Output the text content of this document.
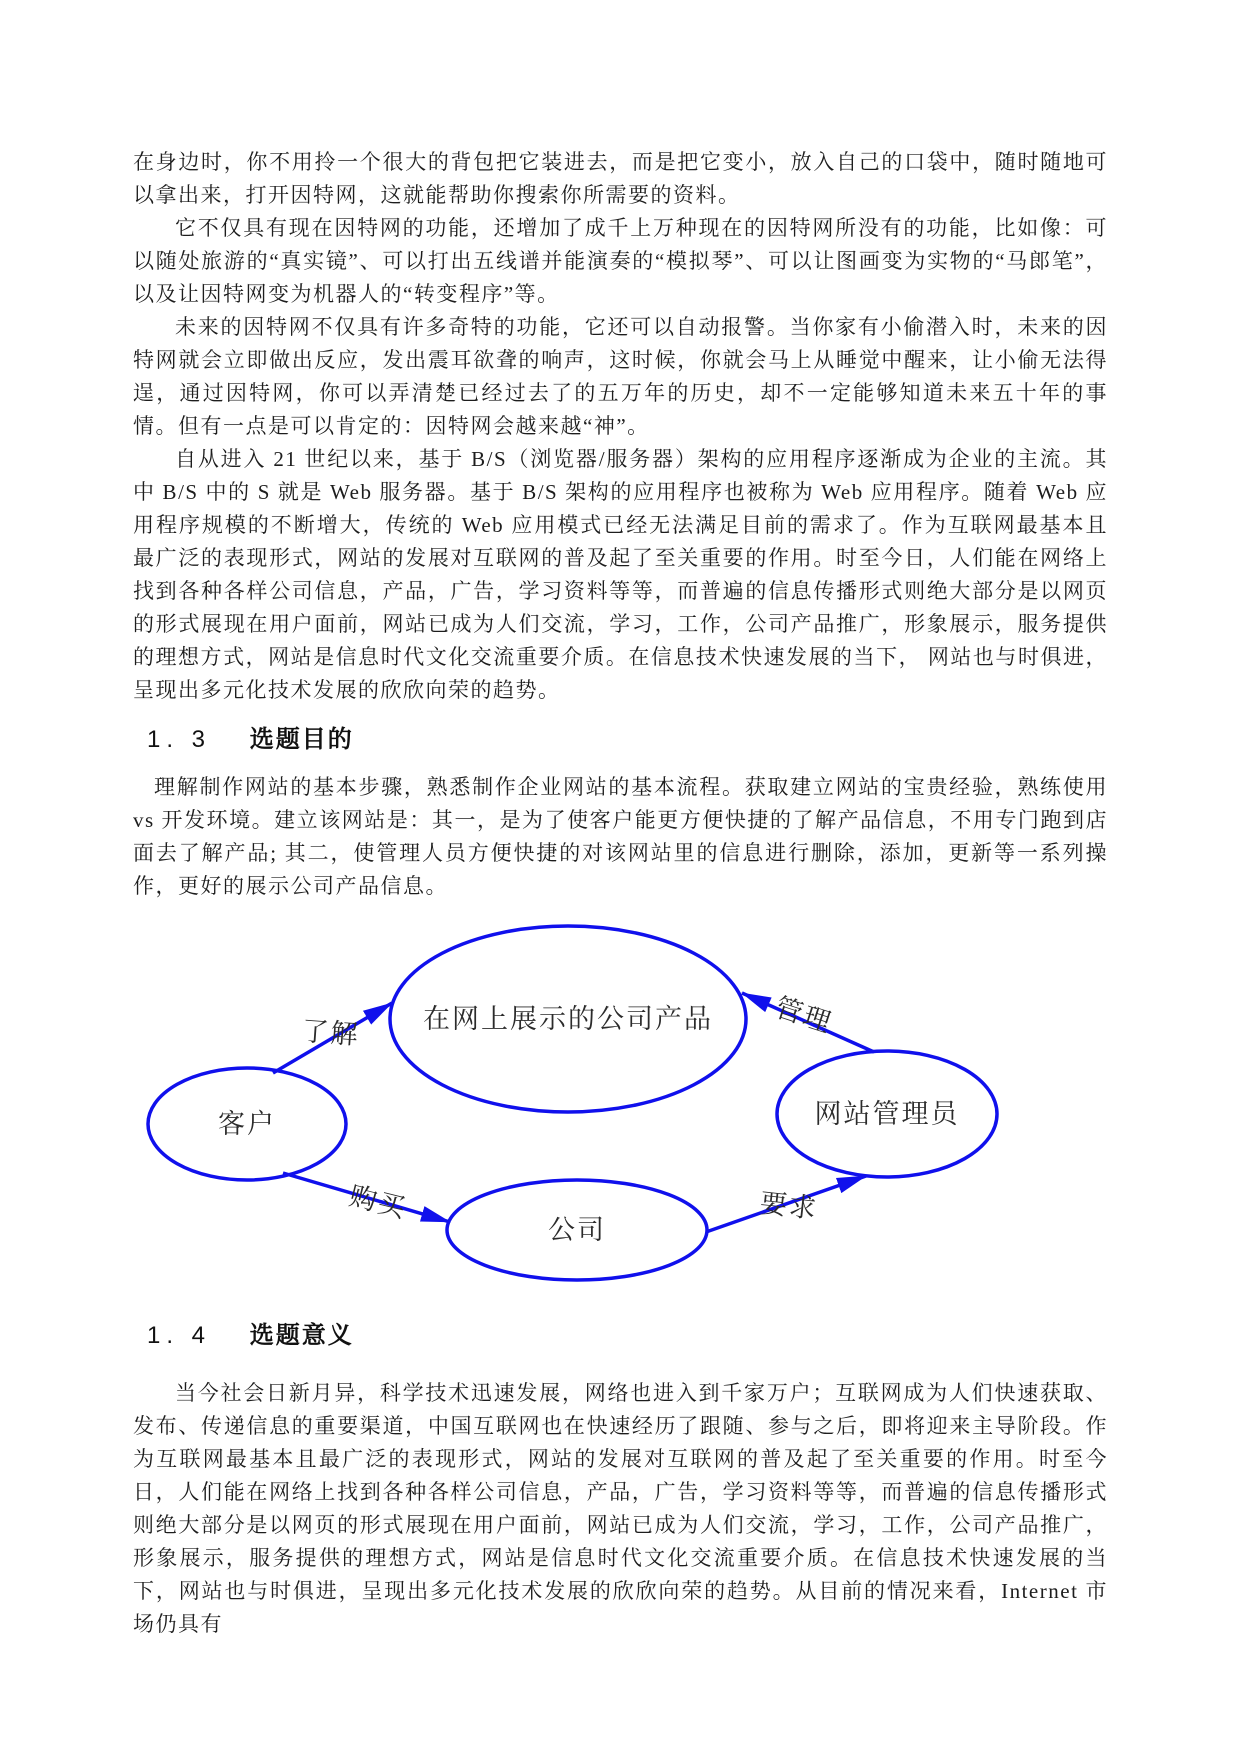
在身边时，你不用拎一个很大的背包把它装进去，而是把它变小，放入自己的口袋中，随时随地可以拿出来，打开因特网，这就能帮助你搜索你所需要的资料。

它不仅具有现在因特网的功能，还增加了成千上万种现在的因特网所没有的功能，比如像：可以随处旅游的“真实镜”、可以打出五线谱并能演奏的“模拟琴”、可以让图画变为实物的“马郎笔”，以及让因特网变为机器人的“转变程序”等。

未来的因特网不仅具有许多奇特的功能，它还可以自动报警。当你家有小偷潜入时，未来的因特网就会立即做出反应，发出震耳欲聋的响声，这时候，你就会马上从睡觉中醒来，让小偷无法得逞，通过因特网，你可以弄清楚已经过去了的五万年的历史，却不一定能够知道未来五十年的事情。但有一点是可以肯定的：因特网会越来越“神”。

自从进入 21 世纪以来，基于 B/S（浏览器/服务器）架构的应用程序逐渐成为企业的主流。其中 B/S 中的 S 就是 Web 服务器。基于 B/S 架构的应用程序也被称为 Web 应用程序。随着 Web 应用程序规模的不断增大，传统的 Web 应用模式已经无法满足目前的需求了。作为互联网最基本且最广泛的表现形式，网站的发展对互联网的普及起了至关重要的作用。时至今日，人们能在网络上找到各种各样公司信息，产品，广告，学习资料等等，而普遍的信息传播形式则绝大部分是以网页的形式展现在用户面前，网站已成为人们交流，学习，工作，公司产品推广，形象展示，服务提供的理想方式，网站是信息时代文化交流重要介质。在信息技术快速发展的当下， 网站也与时俱进， 呈现出多元化技术发展的欣欣向荣的趋势。

1. 3 选题目的

理解制作网站的基本步骤，熟悉制作企业网站的基本流程。获取建立网站的宝贵经验，熟练使用 vs 开发环境。建立该网站是：其一，是为了使客户能更方便快捷的了解产品信息，不用专门跑到店面去了解产品; 其二，使管理人员方便快捷的对该网站里的信息进行删除，添加，更新等一系列操作，更好的展示公司产品信息。

在网上展示的公司产品
客户	网站管理员
公司
了解	管理
购买	要求
1. 4 选题意义

当今社会日新月异，科学技术迅速发展，网络也进入到千家万户；互联网成为人们快速获取、发布、传递信息的重要渠道，中国互联网也在快速经历了跟随、参与之后，即将迎来主导阶段。作为互联网最基本且最广泛的表现形式，网站的发展对互联网的普及起了至关重要的作用。时至今日，人们能在网络上找到各种各样公司信息，产品，广告，学习资料等等，而普遍的信息传播形式则绝大部分是以网页的形式展现在用户面前，网站已成为人们交流，学习，工作，公司产品推广，形象展示，服务提供的理想方式，网站是信息时代文化交流重要介质。在信息技术快速发展的当下，网站也与时俱进，呈现出多元化技术发展的欣欣向荣的趋势。从目前的情况来看，Internet 市场仍具有
